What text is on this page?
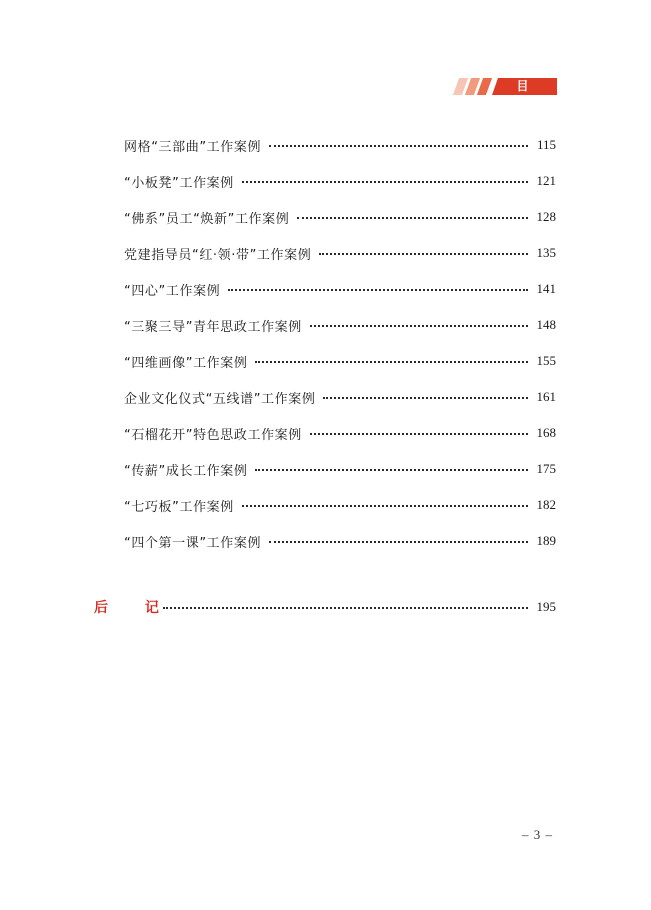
目 录
网格“三部曲”工作案例	115
“小板凳”工作案例	121
“佛系”员工“焕新”工作案例	128
党建指导员“红·领·带”工作案例	135
“四心”工作案例	141
“三聚三导”青年思政工作案例	148
“四维画像”工作案例	155
企业文化仪式“五线谱”工作案例	161
“石榴花开”特色思政工作案例	168
“传薪”成长工作案例	175
“七巧板”工作案例	182
“四个第一课”工作案例	189
后 记	195
– 3 –
